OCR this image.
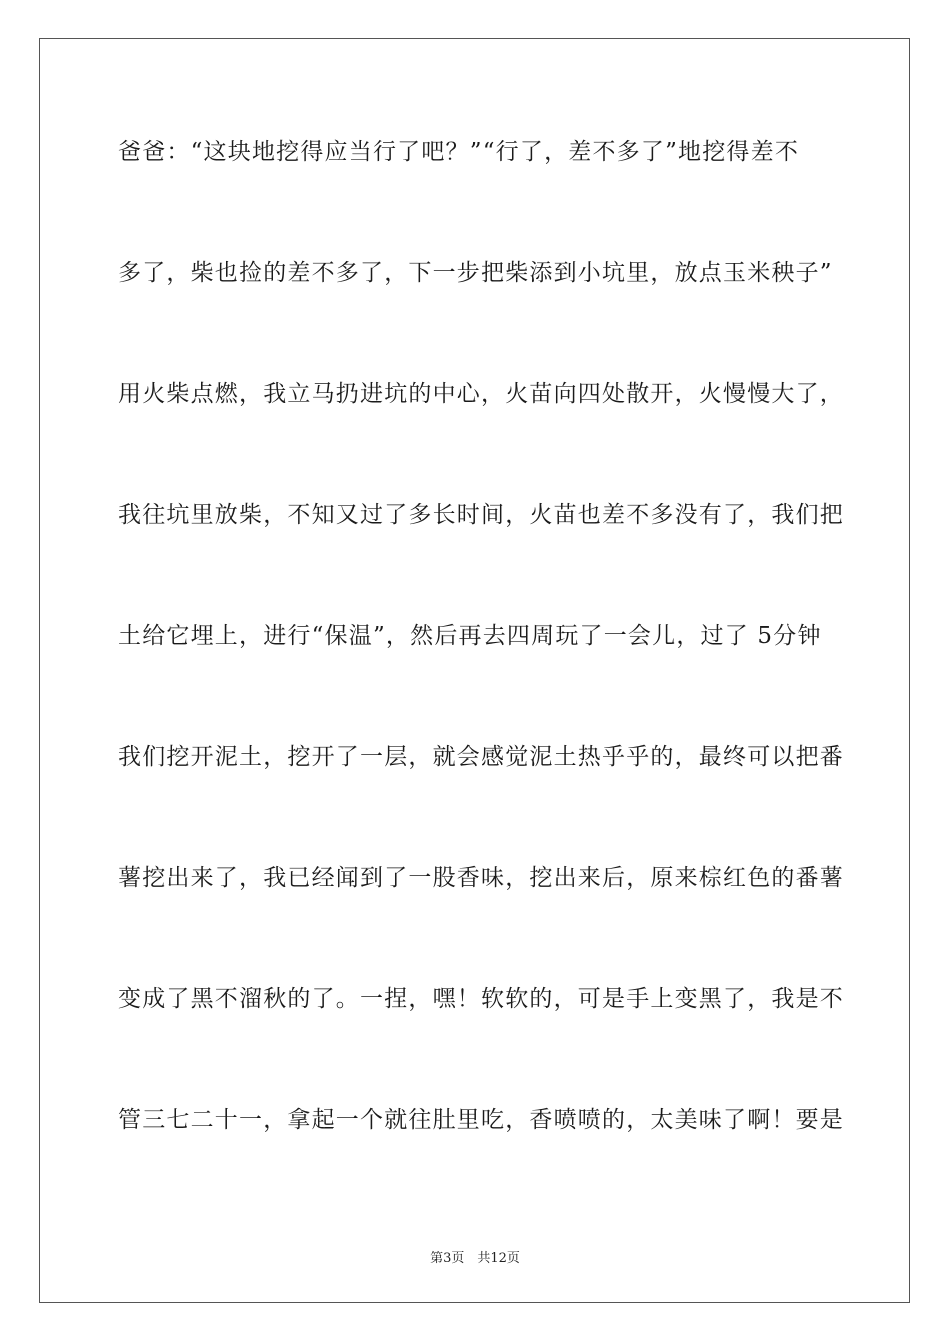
爸爸：“这块地挖得应当行了吧？”“行了，差不多了”地挖得差不
多了，柴也捡的差不多了，下一步把柴添到小坑里，放点玉米秧子”
用火柴点燃，我立马扔进坑的中心，火苗向四处散开，火慢慢大了，
我往坑里放柴，不知又过了多长时间，火苗也差不多没有了，我们把
土给它埋上，进行“保温”，然后再去四周玩了一会儿，过了 5分钟
我们挖开泥土，挖开了一层，就会感觉泥土热乎乎的，最终可以把番
薯挖出来了，我已经闻到了一股香味，挖出来后，原来棕红色的番薯
变成了黑不溜秋的了。一捏，嘿！软软的，可是手上变黑了，我是不
管三七二十一，拿起一个就往肚里吃，香喷喷的，太美味了啊！要是
第3页　共12页
